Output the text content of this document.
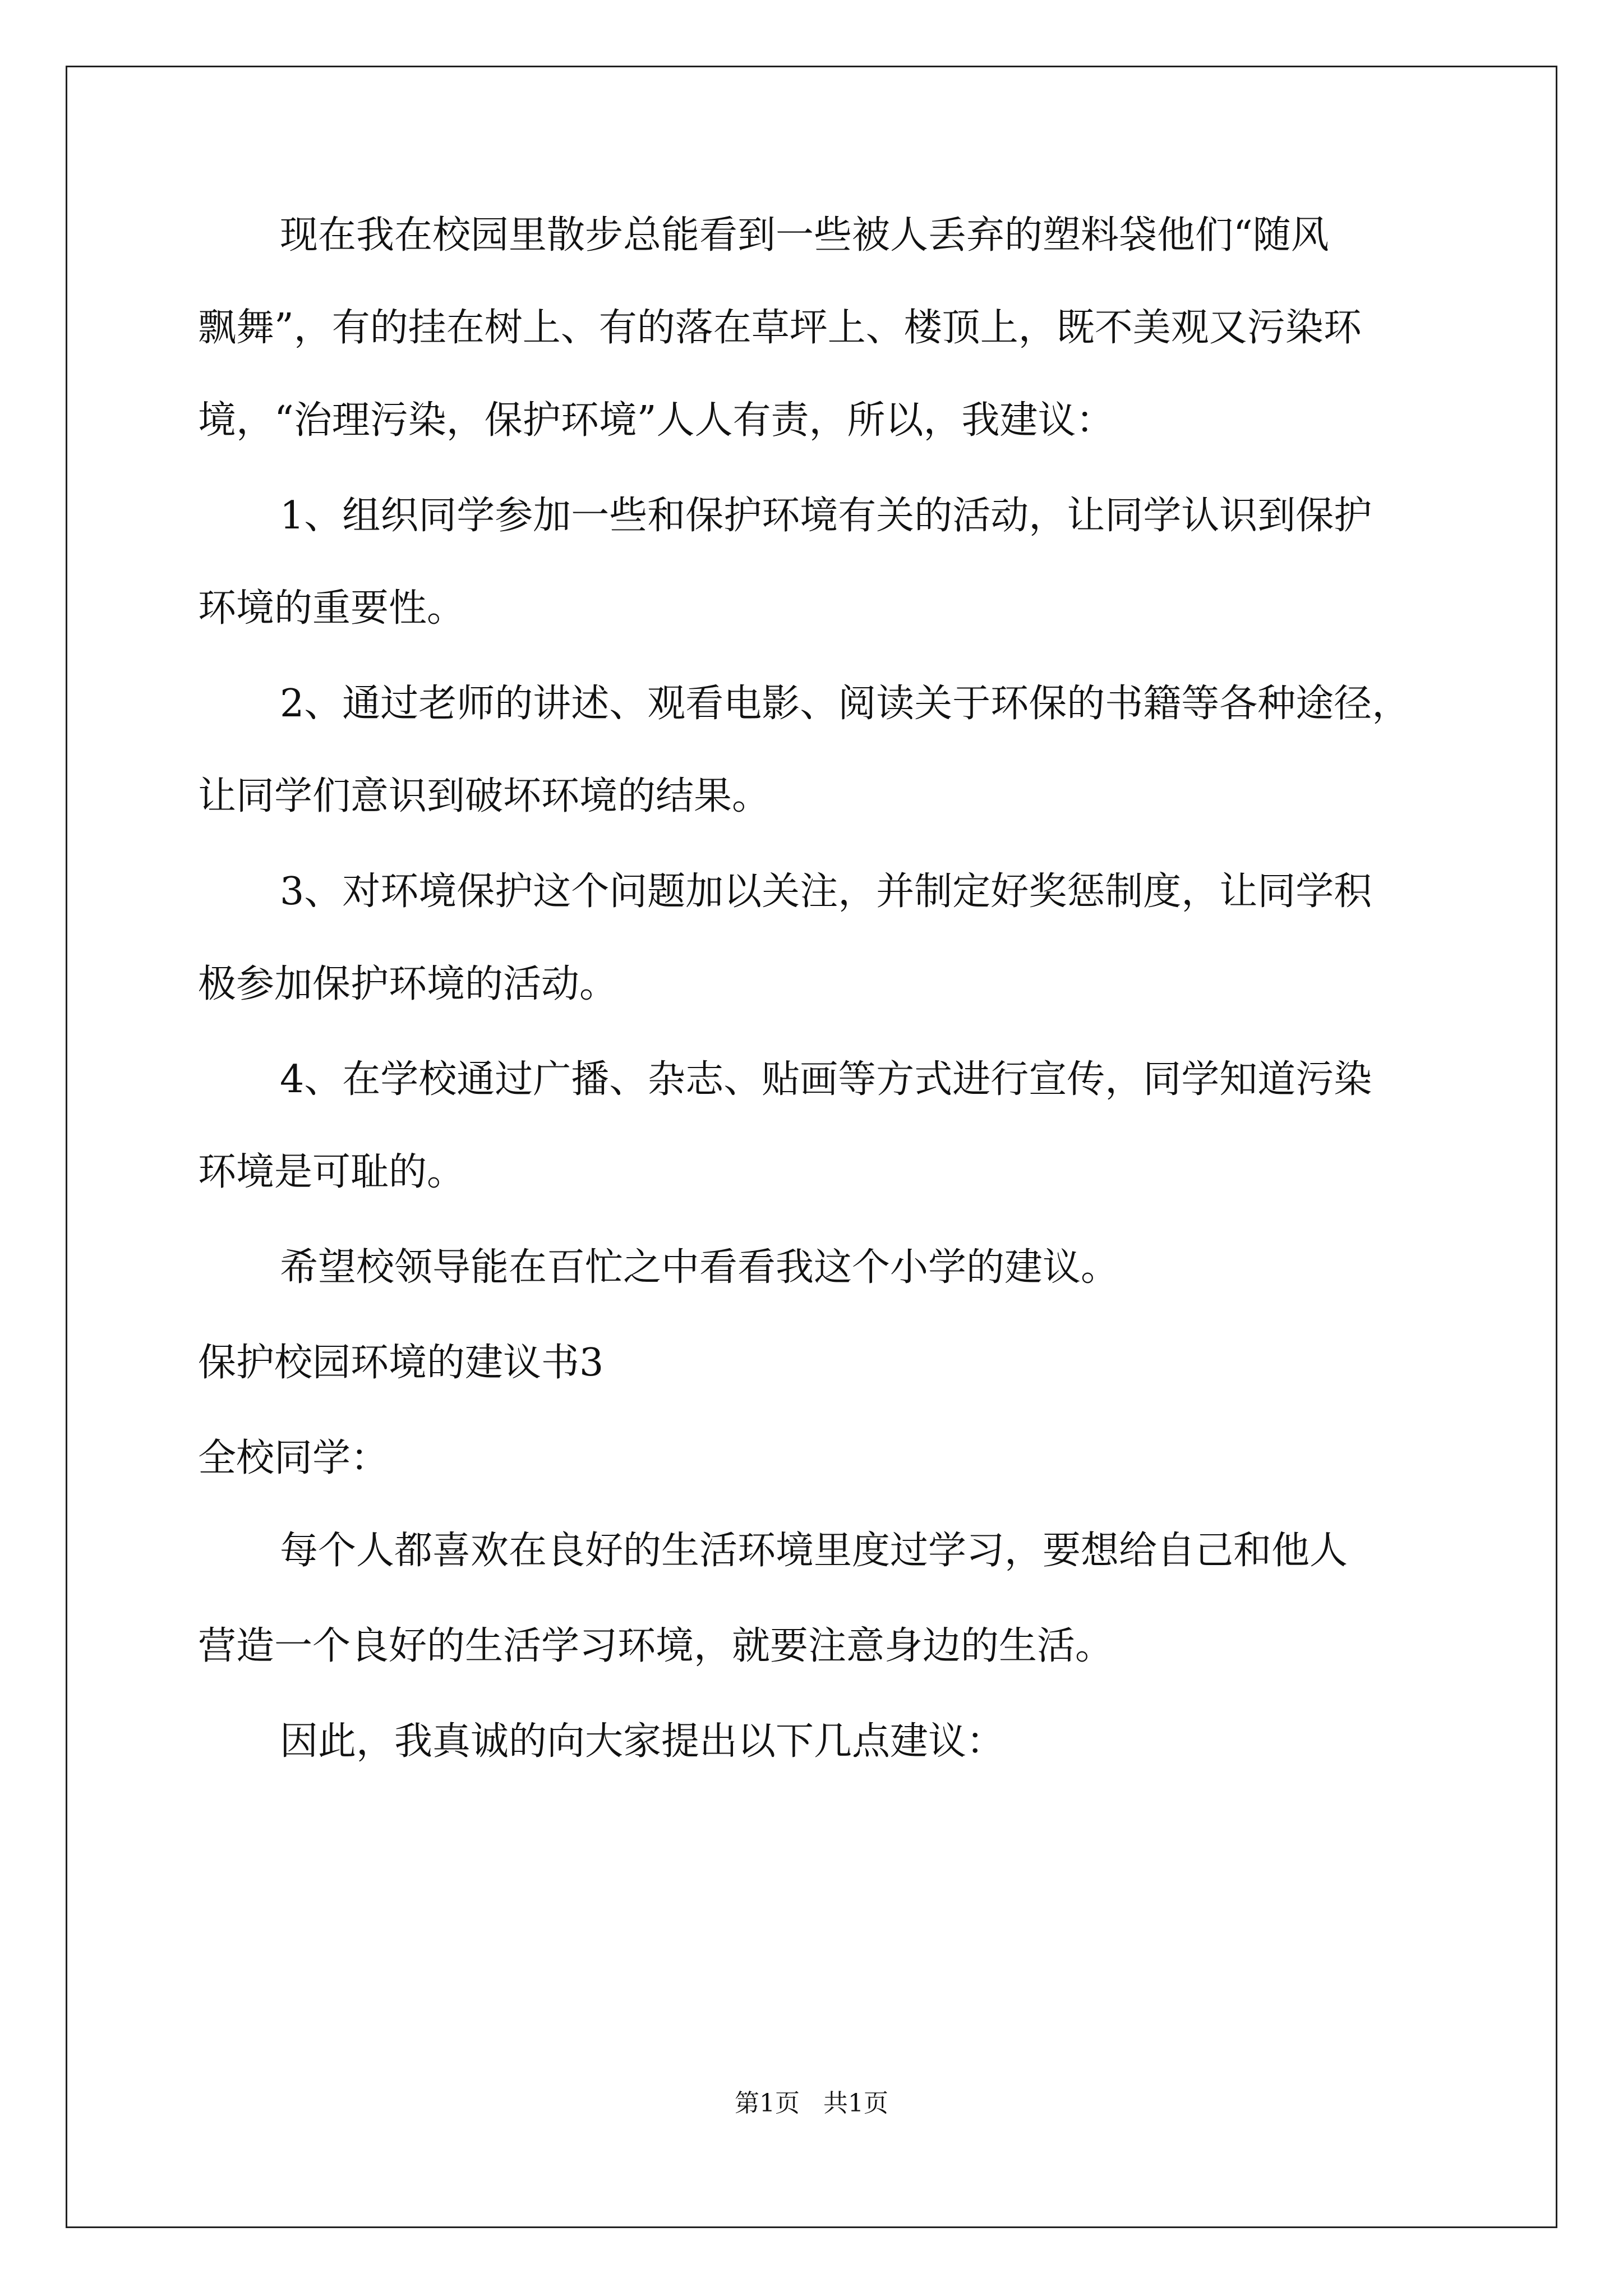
现在我在校园里散步总能看到一些被人丢弃的塑料袋他们“随风
飘舞”，有的挂在树上、有的落在草坪上、楼顶上，既不美观又污染环
境，“治理污染，保护环境”人人有责，所以，我建议：
1、组织同学参加一些和保护环境有关的活动，让同学认识到保护
环境的重要性。
2、通过老师的讲述、观看电影、阅读关于环保的书籍等各种途径，
让同学们意识到破坏环境的结果。
3、对环境保护这个问题加以关注，并制定好奖惩制度，让同学积
极参加保护环境的活动。
4、在学校通过广播、杂志、贴画等方式进行宣传，同学知道污染
环境是可耻的。
希望校领导能在百忙之中看看我这个小学的建议。
保护校园环境的建议书3
全校同学：
每个人都喜欢在良好的生活环境里度过学习，要想给自己和他人
营造一个良好的生活学习环境，就要注意身边的生活。
因此，我真诚的向大家提出以下几点建议：
第1页   共1页
